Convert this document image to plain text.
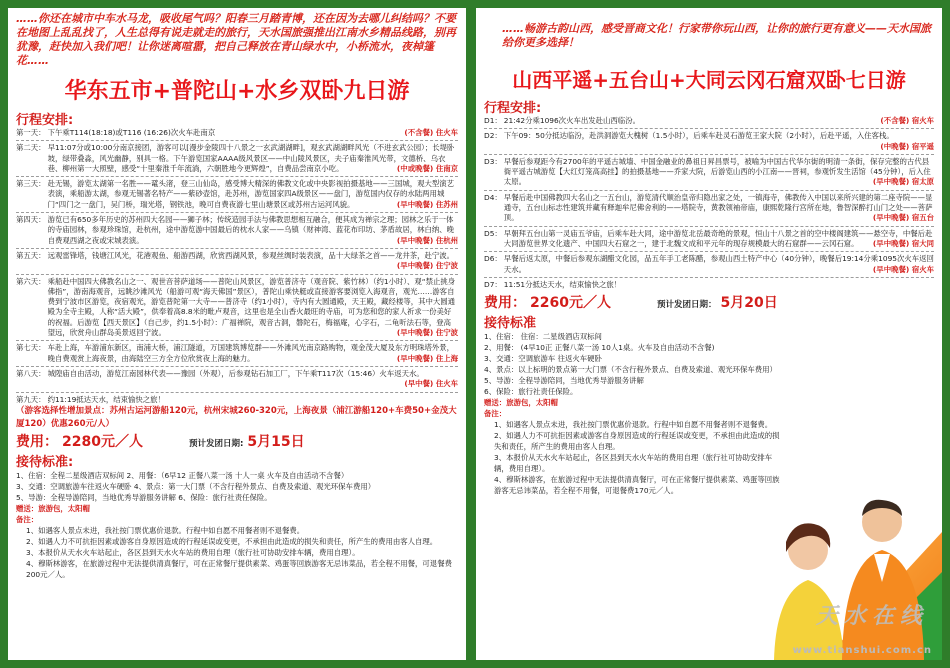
……你还在城市中车水马龙，吸收尾气吗？阳春三月踏青博，还在因为去哪儿纠结吗？不要在地图上乱乱找了，人生总得有说走就走的旅行，天水国旅强推出江南水乡精品线路，别再犹豫，赶快加入我们吧！让你迷离喧嚣，把自己释放在青山绿水中，小桥流水，夜棹篷花……
华东五市+普陀山+水乡双卧九日游
行程安排:
第一天： 下午乘T114(18:18)或T116 (16:26)次火车赴南京	(不含餐) 住火车
第二天： 早11:07分或10:00分南京接团，游客可以[漫步金陵四十八景之一玄武湖湖畔]，观玄武湖湖畔风光（不进玄武公园）；长堤卧坡，绿带叠淼，风光幽静，别具一格。下午游览国家AAAA级风景区——中山陵风景区，夫子庙秦淮风光带，文德桥、乌衣巷、柳州第一大照壁，感受“十里秦淮千年流淌，六朝胜地今更辉煌”，自费品尝南京小吃。	(中或晚餐) 住南京
第三天： 赴无锡，游览太湖第一名胜——鼋头渚，登三山仙岛，感受博大精深的佛教文化或中央影视拍摄基地——三国城，观大型演艺表演，乘船游太湖，参观无锡著名特产——紫砂壶馆，赴苏州，游览国家四A级景区——盘门，游览国内仅存的水陆两用城门“四门之一盘门，吴门桥，瑞光塔，钢铁池，晚可自费夜游七里山塘景区或苏州古运河风貌。	(早中晚餐) 住苏州
第四天： 游览已有650多年历史的苏州四大名园——狮子林；传统造园手法与佛教思想相互融合，便其成为禅宗之理；园林之乐于一体的寺庙园林，参观珍珠馆，赴杭州，途中游览游中国最后的枕水人家——乌镇（财神湾、蓝花布印坊、茅盾故居，林白纳、晚自费观西湖之夜或宋城表演。	(早中晚餐) 住杭州
第五天： 远观雷锋塔，钱塘江风光，花港观鱼、船游西湖，欣赏西湖风景，参观丝绸时装表演，品十大绿茶之首——龙井茶，赴宁波。
(早中晚餐) 住宁波
第六天： 乘船赴中国四大佛教名山之一、观世音菩萨道场——普陀山风景区，游览普济寺（观音院、紫竹林）（约1小时）、观“禁止挑身佛指”，游南海观音，远眺沙滩风光（船游可观“海天佛国”景区），普陀山乘快艇或直接游客要浏览入海观音，观光……游客自费到宁波市区游览，夜宿观光，游览普陀第一大寺——普济寺（约1小时），寺内有大圆通殿，天王殿，藏经楼等，其中大圆通殿为全寺主殿，人称“活大殿”，供奉着高8.8米的毗卢观音，这里也是全山香火最旺的寺庙，可为您和您的家人祈求一份美好的祝福。后游览【西天景区】（自己步，约1.5小时）：广福禅院，观音古洞，磐陀石，梅福庵，心字石，二龟听法石等，登高望远，欣赏舟山群岛美景返回宁波。	(早中晚餐) 住宁波
第七天： 车赴上海，车游浦东新区，南浦大桥，浦江隧道，万国建筑博览群——外滩风光南京路购物，观金茂大厦及东方明珠塔外景，晚自费观赏上海夜景，由海陆空三方全方位欣赏夜上海的魅力。	(早中晚餐) 住上海
第八天： 城隍庙自由活动，游览江南园林代表——豫园（外观），后参观钻石加工厂，下午乘T117次（15:46）火车返天水。
(早中餐) 住火车
第九天： 约11:19抵达天水，结束愉快之旅！
（游客选择性增加景点：苏州古运河游船120元，杭州宋城260-320元，上海夜景（浦江游船120+车费50+金茂大厦120）优惠260元/人）
费用： 2280元／人	预计发团日期: 5月15日
接待标准:
1、住宿：全程二星级酒店双标间 2、用餐：（6早12 正餐八菜一汤 十人一桌 火车及自由活动不含餐）
3、交通：空调旅游车往返火车硬卧 4、景点：第一大门票（不含行程外景点、自费及索道、观光环保车费用）
5、导游：全程导游陪同，当地优秀导游服务讲解 6、保险：旅行社责任保险。
赠送：旅游包，太阳帽
备注：
1、如遇客人景点未进，我社按门票优惠价退款。行程中如自愿不用餐者则不退餐费。
2、如遇人力不可抗拒因素或游客自身原因造成的行程延误或变更，不承担由此造成的损失和责任，所产生的费用由客人自理。
3、本报价从天水火车站起止，各区县到天水火车站的费用自理（旅行社可协助安排车辆，费用自理）。
4、穆斯林游客，在旅游过程中无法提供清真餐厅，可在正常餐厅提供素菜、鸡蛋等回族游客无忌讳菜品，若全程不用餐，可退餐费200元／人。
……畅游古韵山西，感受晋商文化！行家带你玩山西，让你的旅行更有意义——天水国旅给你更多选择！
山西平遥+五台山+大同云冈石窟双卧七日游
行程安排:
D1： 21:42分乘1096次火车出发赴山西临汾。	(不含餐) 宿火车
D2： 下午09：50分抵达临汾，赴洪洞游览大槐树（1.5小时），后乘车赴灵石游览王家大院（2小时），后赴平遥，入住客栈。
(中晚餐) 宿平遥
D3： 早餐后参观距今有2700年的平遥古城墙、中国金融业的鼻祖日昇昌票号，被喻为中国古代华尔街的明清一条街，保存完整的古代县衙平遥古城游览【大红灯笼高高挂】的拍摄基地——乔家大院，后游览山西的小江南——晋祠，参观忻发生活馆（45分钟），后入住太原。	(早中晚餐) 宿太原
D4： 早餐后赴中国佛教四大名山之一五台山，游览清代顺治皇帝归隐出家之处，一镇海寺，佛教传入中国以来所兴建的第二座寺院——显通寺，五台山标志性建筑并藏有释迦牟尼佛舍利的——塔院寺，黄教领袖帝庙，康熙乾隆行宫所在地，鲁智深醉打山门之处——菩萨顶。	(早中晚餐) 宿五台
D5： 早朝拜五台山第一灵庙五爷庙，后乘车赴大同，途中游览北岳最奇绝的景观，恒山十八景之首的空中楼阁建筑——悬空寺，中餐后赴大同游览世界文化遗产、中国四大石窟之一，建于北魏文成和平元年的现存规模最大的石窟群——云冈石窟。	(早中晚餐) 宿大同
D6： 早餐后返太原，中餐后参观东湖醋文化园，品五年手工老陈醋，参观山西土特产中心（40分钟），晚餐后19:14分乘1095次火车返回天水。	(早中晚餐) 宿火车
D7： 11:51分抵达天水，结束愉快之旅！
费用： 2260元／人	预计发团日期： 5月20日
接待标准
1、住宿： 住宿：二星级酒店双标间
2、用餐： (4早10正 正餐八菜一汤 10人1桌。火车及自由活动不含餐)
3、交通：空调旅游车 往返火车硬卧
4、景点：以上标明的景点第一大门票（不含行程外景点、自费及索道、观光环保车费用）
5、导游：全程导游陪同，当地优秀导游服务讲解
6、保险：旅行社责任保险。
赠送：旅游包，太阳帽
备注：
1、如遇客人景点未进，我社按门票优惠价退款。行程中如自愿不用餐者则不退餐费。
2、如遇人力不可抗拒因素或游客自身原因造成的行程延误或变更，不承担由此造成的损失和责任，所产生的费用由客人自理。
3、本报价从天水火车站起止，各区县到天水火车站的费用自理（旅行社可协助安排车辆，费用自理）。
4、穆斯林游客，在旅游过程中无法提供清真餐厅，可在正常餐厅提供素菜、鸡蛋等回族游客无忌讳菜品，若全程不用餐，可退餐费170元／人。
天水在线
www.tianshui.com.cn
